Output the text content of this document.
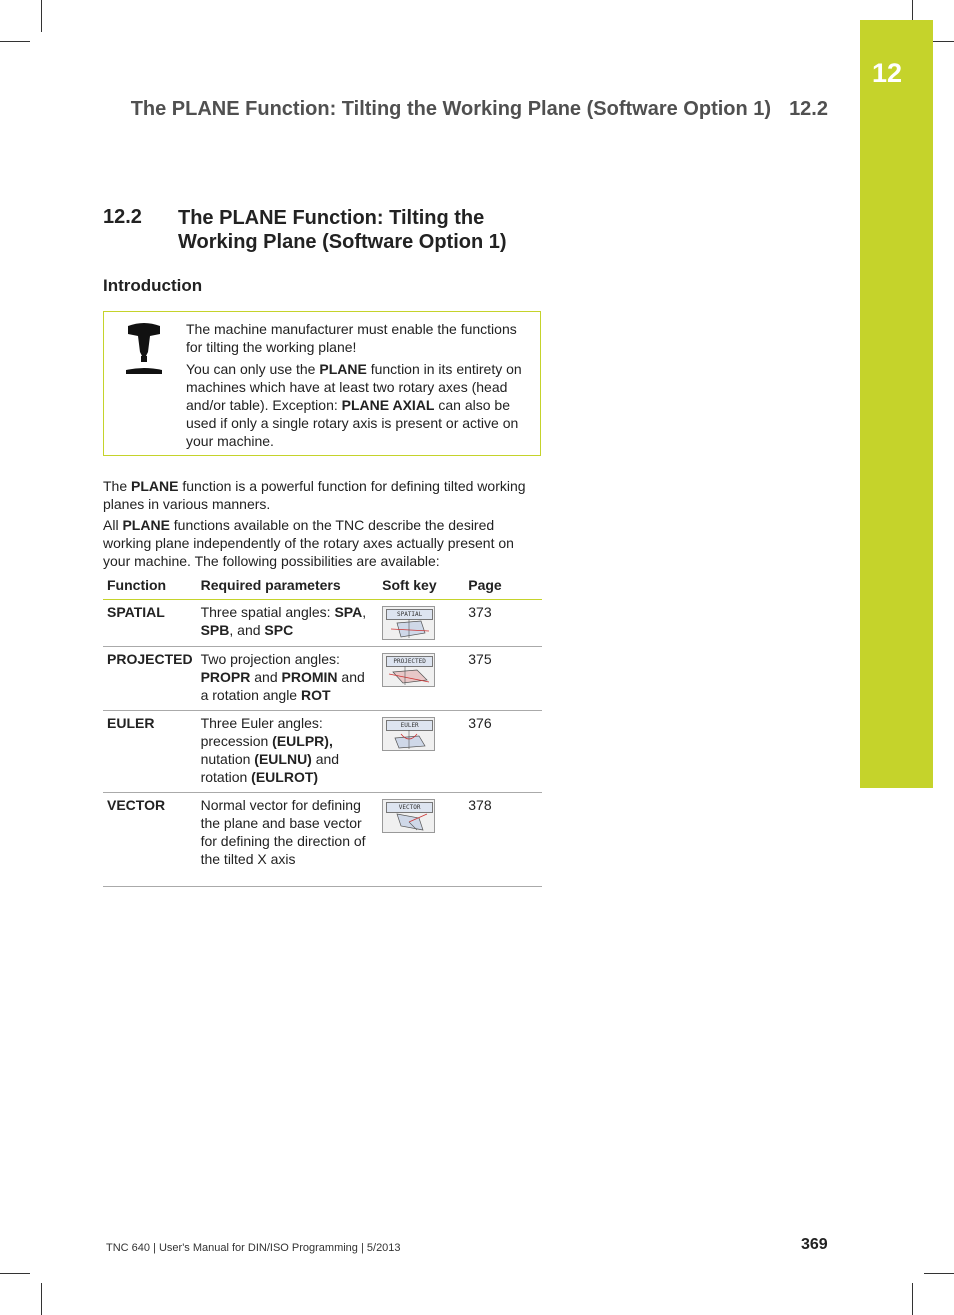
12
The PLANE Function: Tilting the Working Plane (Software Option 1) 12.2
12.2 The PLANE Function: Tilting the Working Plane (Software Option 1)
Introduction

The machine manufacturer must enable the functions for tilting the working plane!

You can only use the PLANE function in its entirety on machines which have at least two rotary axes (head and/or table). Exception: PLANE AXIAL can also be used if only a single rotary axis is present or active on your machine.

The PLANE function is a powerful function for defining tilted working planes in various manners.

All PLANE functions available on the TNC describe the desired working plane independently of the rotary axes actually present on your machine. The following possibilities are available:

Function	Required parameters	Soft key	Page
SPATIAL	Three spatial angles: SPA, SPB, and SPC	SPATIAL	373
PROJECTED	Two projection angles: PROPR and PROMIN and a rotation angle ROT	PROJECTED	375
EULER	Three Euler angles: precession (EULPR), nutation (EULNU) and rotation (EULROT)	EULER	376
VECTOR	Normal vector for defining the plane and base vector for defining the direction of the tilted X axis	VECTOR	378
TNC 640 | User's Manual for DIN/ISO Programming | 5/2013	369
